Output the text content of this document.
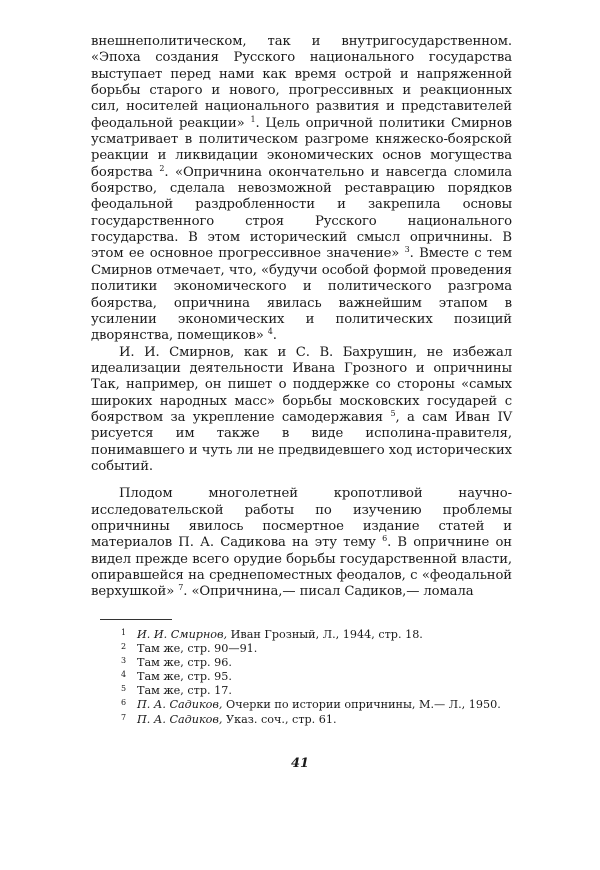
внешнеполитическом, так и внутригосударственном. «Эпоха создания Русского национального государства выступает перед нами как время острой и напряженной борьбы старого и нового, прогрессивных и реакционных сил, носителей национального развития и представителей феодальной реакции» $^1$. Цель опричной политики Смирнов усматривает в политическом разгроме княжеско-боярской реакции и ликвидации экономических основ могущества боярства $^2$. «Опричнина окончательно и навсегда сломила боярство, сделала невозможной реставрацию порядков феодальной раздробленности и закрепила основы государственного строя Русского национального государства. В этом исторический смысл опричнины. В этом ее основное прогрессивное значение» $^3$. Вместе с тем Смирнов отмечает, что, «будучи особой формой проведения политики экономического и политического разгрома боярства, опричнина явилась важнейшим этапом в усилении экономических и политических позиций дворянства, помещиков» $^4$.

И. И. Смирнов, как и С. В. Бахрушин, не избежал идеализации деятельности Ивана Грозного и опричнины Так, например, он пишет о поддержке со стороны «самых широких народных масс» борьбы московских государей с боярством за укрепление самодержавия $^5$, а сам Иван IV рисуется им также в виде исполина-правителя, понимавшего и чуть ли не предвидевшего ход исторических событий.

Плодом многолетней кропотливой научно-исследовательской работы по изучению проблемы опричнины явилось посмертное издание статей и материалов П. А. Садикова на эту тему $^6$. В опричнине он видел прежде всего орудие борьбы государственной власти, опиравшейся на среднепоместных феодалов, с «феодальной верхушкой» $^7$. «Опричнина,— писал Садиков,— ломала

1 И. И. Смирнов, Иван Грозный, Л., 1944, стр. 18.
2 Там же, стр. 90—91.
3 Там же, стр. 96.
4 Там же, стр. 95.
5 Там же, стр. 17.
6 П. А. Садиков, Очерки по истории опричнины, М.— Л., 1950.
7 П. А. Садиков, Указ. соч., стр. 61.
41
